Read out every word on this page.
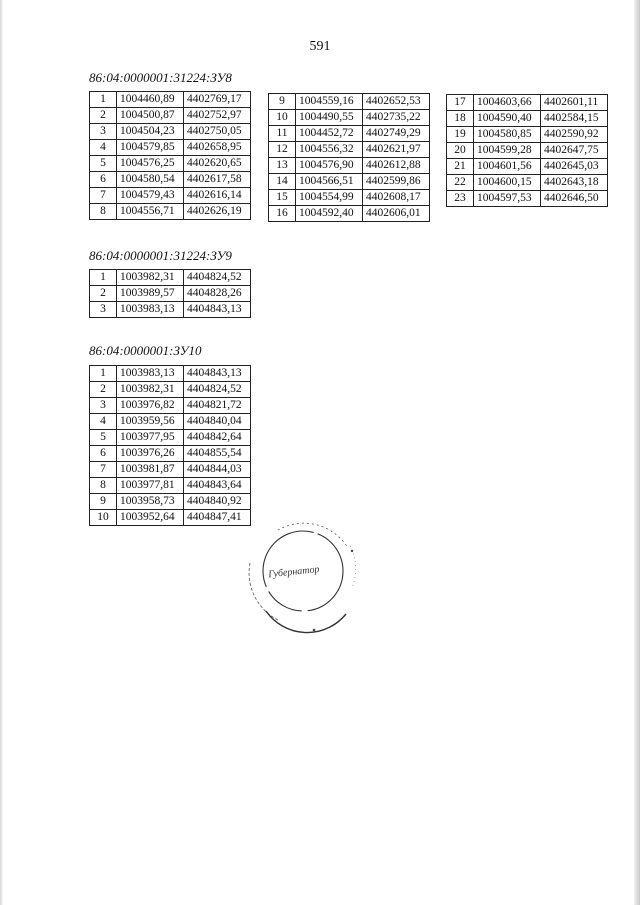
591
86:04:0000001:31224:ЗУ8
1	1004460,89	4402769,17
2	1004500,87	4402752,97
3	1004504,23	4402750,05
4	1004579,85	4402658,95
5	1004576,25	4402620,65
6	1004580,54	4402617,58
7	1004579,43	4402616,14
8	1004556,71	4402626,19
9	1004559,16	4402652,53
10	1004490,55	4402735,22
11	1004452,72	4402749,29
12	1004556,32	4402621,97
13	1004576,90	4402612,88
14	1004566,51	4402599,86
15	1004554,99	4402608,17
16	1004592,40	4402606,01
17	1004603,66	4402601,11
18	1004590,40	4402584,15
19	1004580,85	4402590,92
20	1004599,28	4402647,75
21	1004601,56	4402645,03
22	1004600,15	4402643,18
23	1004597,53	4402646,50
86:04:0000001:31224:ЗУ9
1	1003982,31	4404824,52
2	1003989,57	4404828,26
3	1003983,13	4404843,13
86:04:0000001:ЗУ10
1	1003983,13	4404843,13
2	1003982,31	4404824,52
3	1003976,82	4404821,72
4	1003959,56	4404840,04
5	1003977,95	4404842,64
6	1003976,26	4404855,54
7	1003981,87	4404844,03
8	1003977,81	4404843,64
9	1003958,73	4404840,92
10	1003952,64	4404847,41
Губернатор
